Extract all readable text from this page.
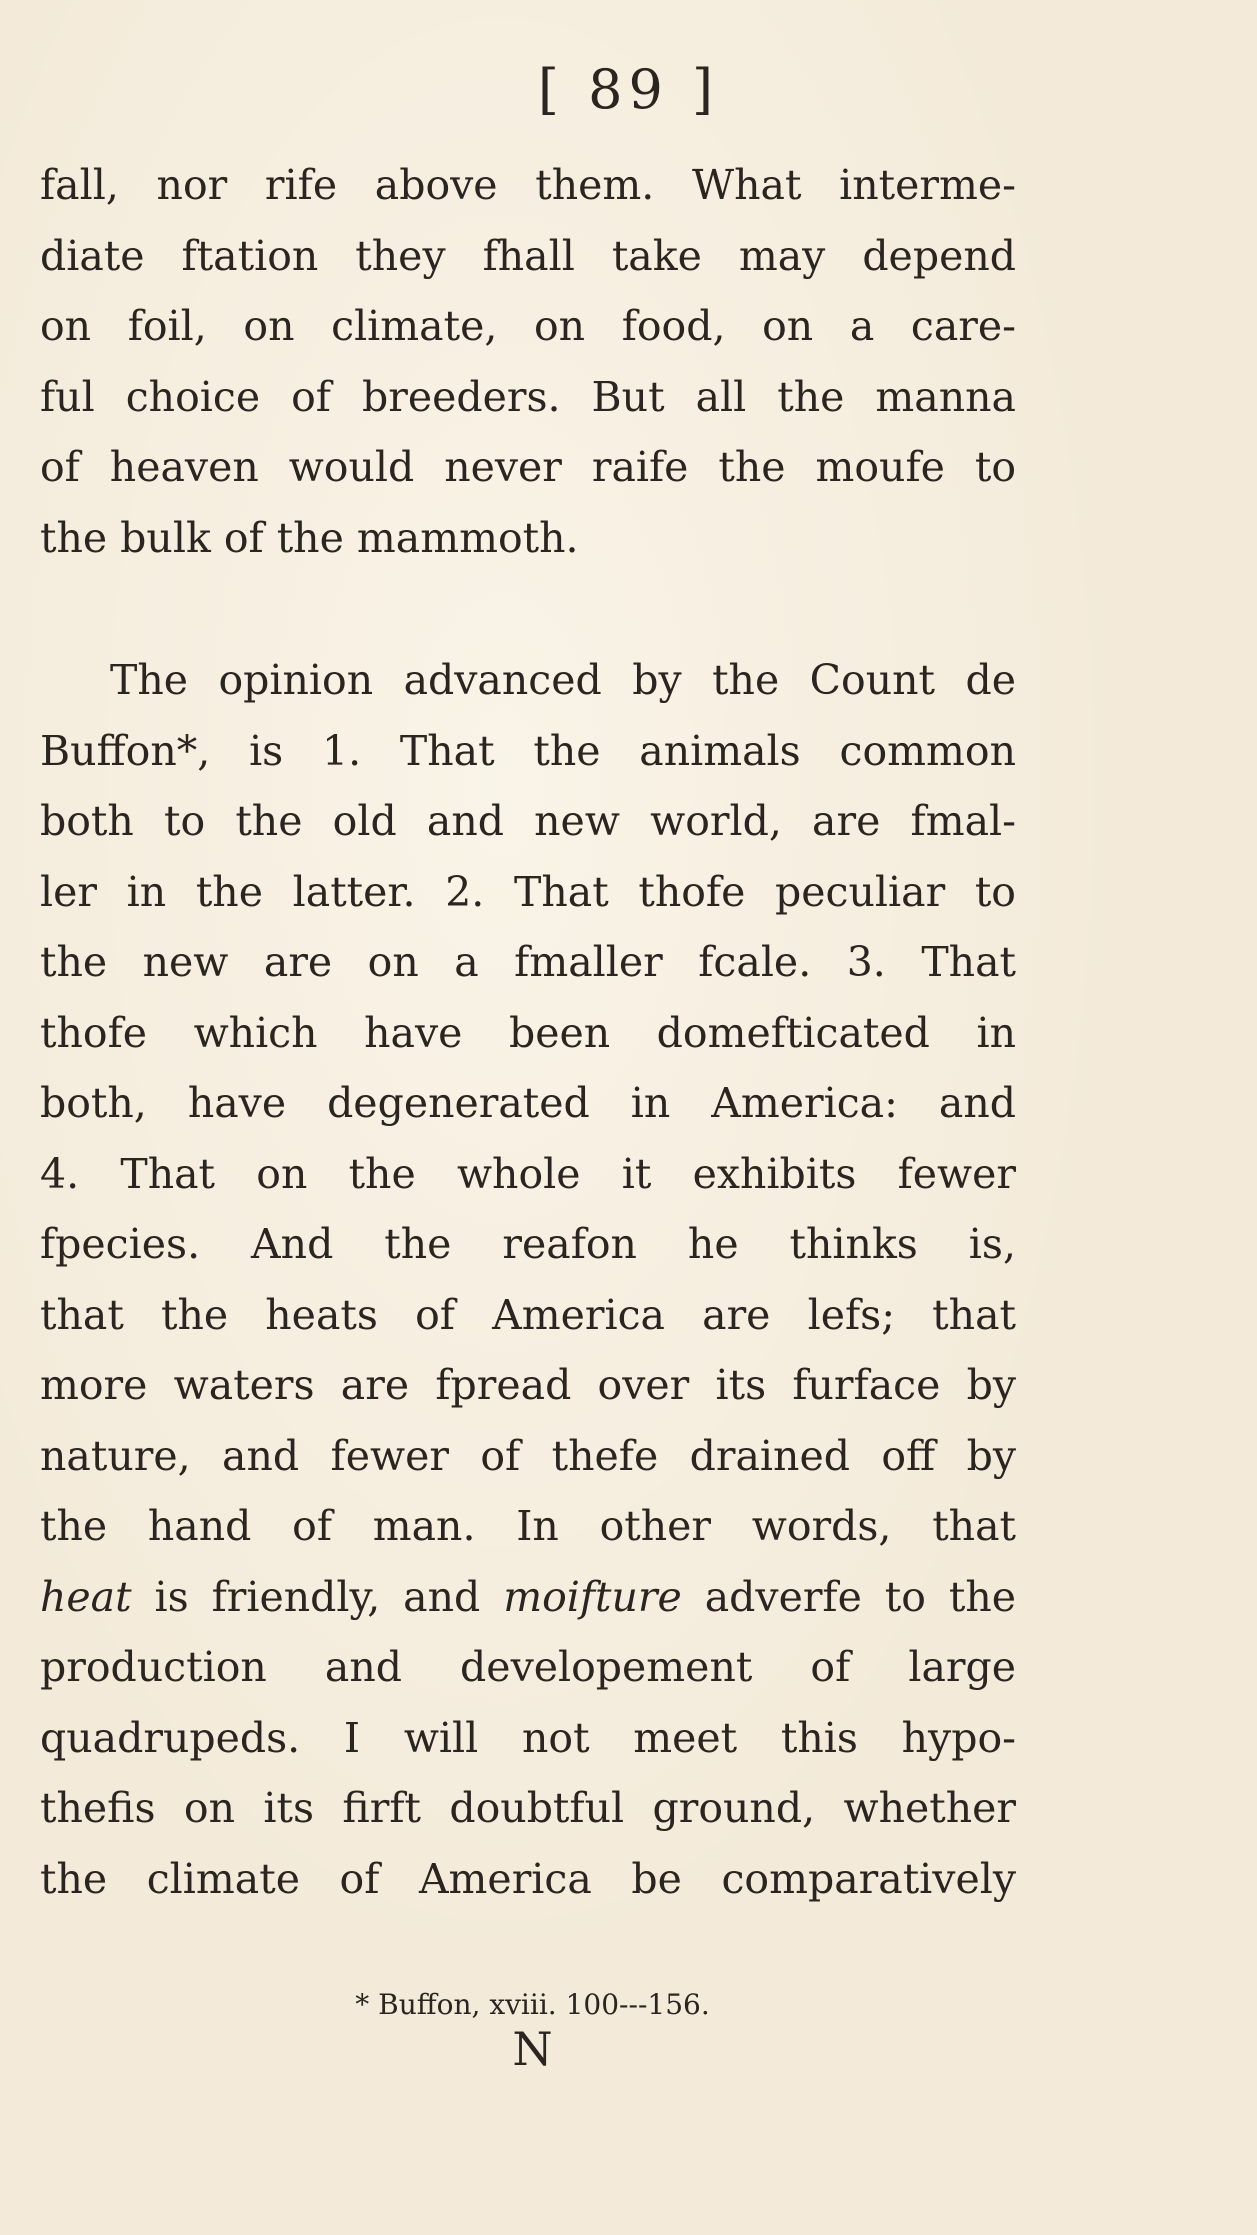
[ 89 ]
fall, nor rife above them. What interme-
diate ftation they fhall take may depend
on foil, on climate, on food, on a care-
ful choice of breeders. But all the manna
of heaven would never raife the moufe to
the bulk of the mammoth.
The opinion advanced by the Count de
Buffon*, is 1. That the animals common
both to the old and new world, are fmal-
ler in the latter. 2. That thofe peculiar to
the new are on a fmaller fcale. 3. That
thofe which have been domefticated in
both, have degenerated in America: and
4. That on the whole it exhibits fewer
fpecies. And the reafon he thinks is,
that the heats of America are lefs; that
more waters are fpread over its furface by
nature, and fewer of thefe drained off by
the hand of man. In other words, that
heat is friendly, and moifture adverfe to the
production and developement of large
quadrupeds. I will not meet this hypo-
thefis on its firft doubtful ground, whether
the climate of America be comparatively
* Buffon, xviii. 100---156.
N
